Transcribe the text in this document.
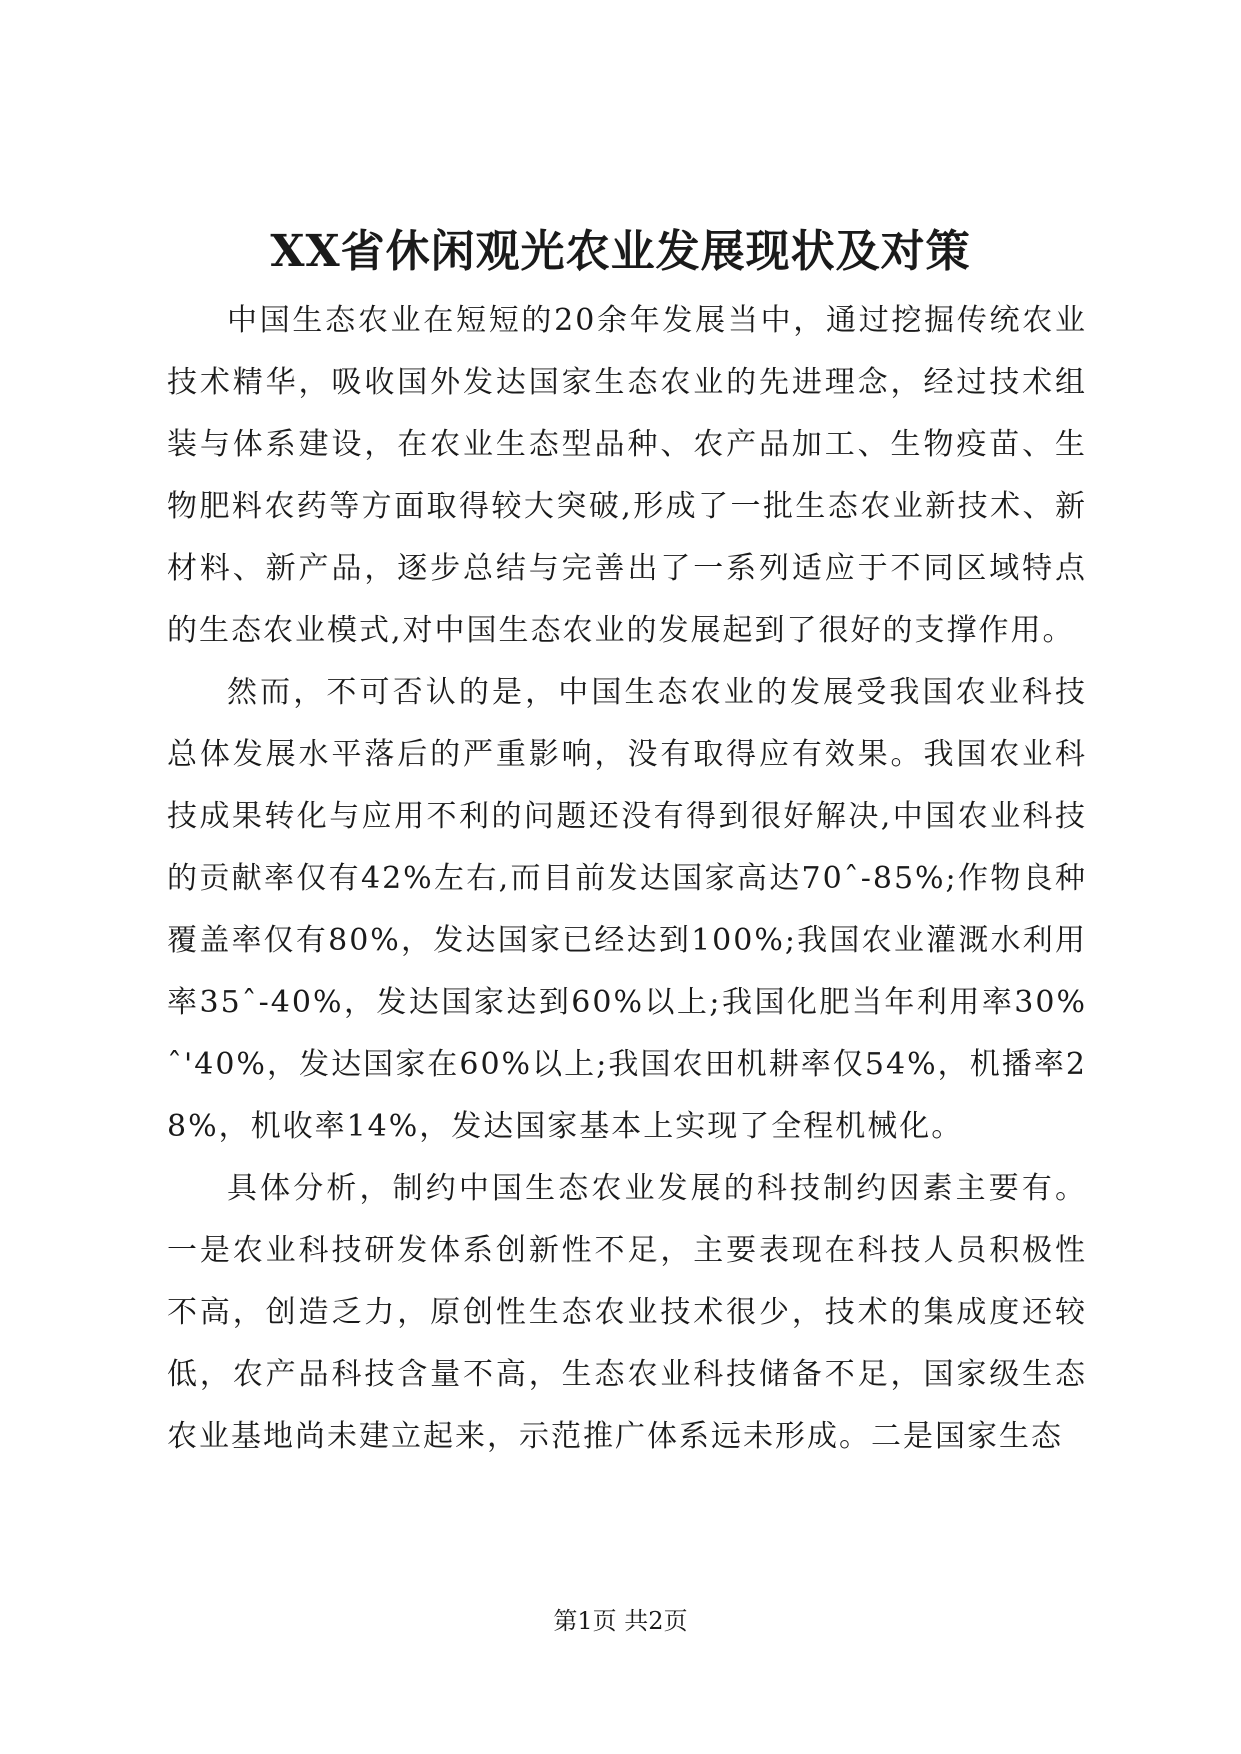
XX省休闲观光农业发展现状及对策

中国生态农业在短短的20余年发展当中，通过挖掘传统农业技术精华，吸收国外发达国家生态农业的先进理念，经过技术组装与体系建设，在农业生态型品种、农产品加工、生物疫苗、生物肥料农药等方面取得较大突破,形成了一批生态农业新技术、新材料、新产品，逐步总结与完善出了一系列适应于不同区域特点的生态农业模式,对中国生态农业的发展起到了很好的支撑作用。

然而，不可否认的是，中国生态农业的发展受我国农业科技总体发展水平落后的严重影响，没有取得应有效果。我国农业科技成果转化与应用不利的问题还没有得到很好解决,中国农业科技的贡献率仅有42%左右,而目前发达国家高达70ˆ-85%;作物良种覆盖率仅有80%，发达国家已经达到100%;我国农业灌溉水利用率35ˆ-40%，发达国家达到60%以上;我国化肥当年利用率30%ˆ'40%，发达国家在60%以上;我国农田机耕率仅54%，机播率28%，机收率14%，发达国家基本上实现了全程机械化。

具体分析，制约中国生态农业发展的科技制约因素主要有。一是农业科技研发体系创新性不足，主要表现在科技人员积极性不高，创造乏力，原创性生态农业技术很少，技术的集成度还较低，农产品科技含量不高，生态农业科技储备不足，国家级生态农业基地尚未建立起来，示范推广体系远未形成。二是国家生态

第1页 共2页
